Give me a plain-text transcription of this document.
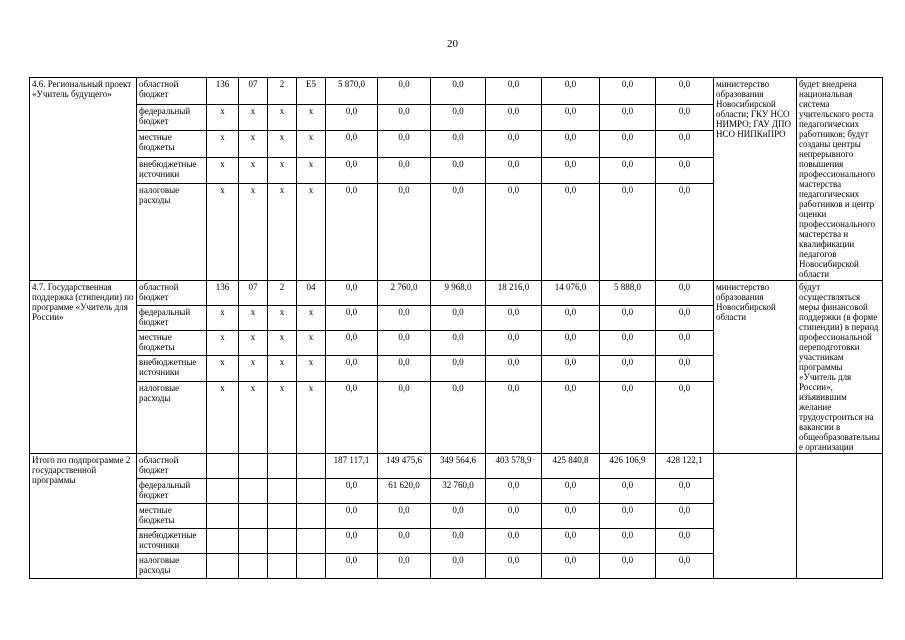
20
4.6. Региональный проект «Учитель будущего»	областной бюджет	136	07	2	E5	5 870,0	0,0	0,0	0,0	0,0	0,0	0,0	министерство образования Новосибирской области; ГКУ НСО НИМРО; ГАУ ДПО НСО НИПКиПРО	будет внедрена национальная система учительского роста педагогических работников; будут созданы центры непрерывного повышения профессионального мастерства педагогических работников и центр оценки профессионального мастерства и квалификации педагогов Новосибирской области
	федеральный бюджет	х	х	х	х	0,0	0,0	0,0	0,0	0,0	0,0	0,0		
	местные бюджеты	х	х	х	х	0,0	0,0	0,0	0,0	0,0	0,0	0,0		
	внебюджетные источники	х	х	х	х	0,0	0,0	0,0	0,0	0,0	0,0	0,0		
	налоговые расходы	х	х	х	х	0,0	0,0	0,0	0,0	0,0	0,0	0,0		
4.7. Государственная поддержка (стипендии) по программе «Учитель для России»	областной бюджет	136	07	2	04	0,0	2 760,0	9 968,0	18 216,0	14 076,0	5 888,0	0,0	министерство образования Новосибирской области	будут осуществляться меры финансовой поддержки (в форме стипендии) в период профессиональной переподготовки участникам программы «Учитель для России», изъявившим желание трудоустроиться на вакансии в общеобразовательные организации
	федеральный бюджет	х	х	х	х	0,0	0,0	0,0	0,0	0,0	0,0	0,0		
	местные бюджеты	х	х	х	х	0,0	0,0	0,0	0,0	0,0	0,0	0,0		
	внебюджетные источники	х	х	х	х	0,0	0,0	0,0	0,0	0,0	0,0	0,0		
	налоговые расходы	х	х	х	х	0,0	0,0	0,0	0,0	0,0	0,0	0,0		
Итого по подпрограмме 2 государственной программы	областной бюджет					187 117,1	149 475,6	349 564,6	403 578,9	425 840,8	426 106,9	428 122,1		
	федеральный бюджет					0,0	61 620,0	32 760,0	0,0	0,0	0,0	0,0		
	местные бюджеты					0,0	0,0	0,0	0,0	0,0	0,0	0,0		
	внебюджетные источники					0,0	0,0	0,0	0,0	0,0	0,0	0,0		
	налоговые расходы					0,0	0,0	0,0	0,0	0,0	0,0	0,0		
